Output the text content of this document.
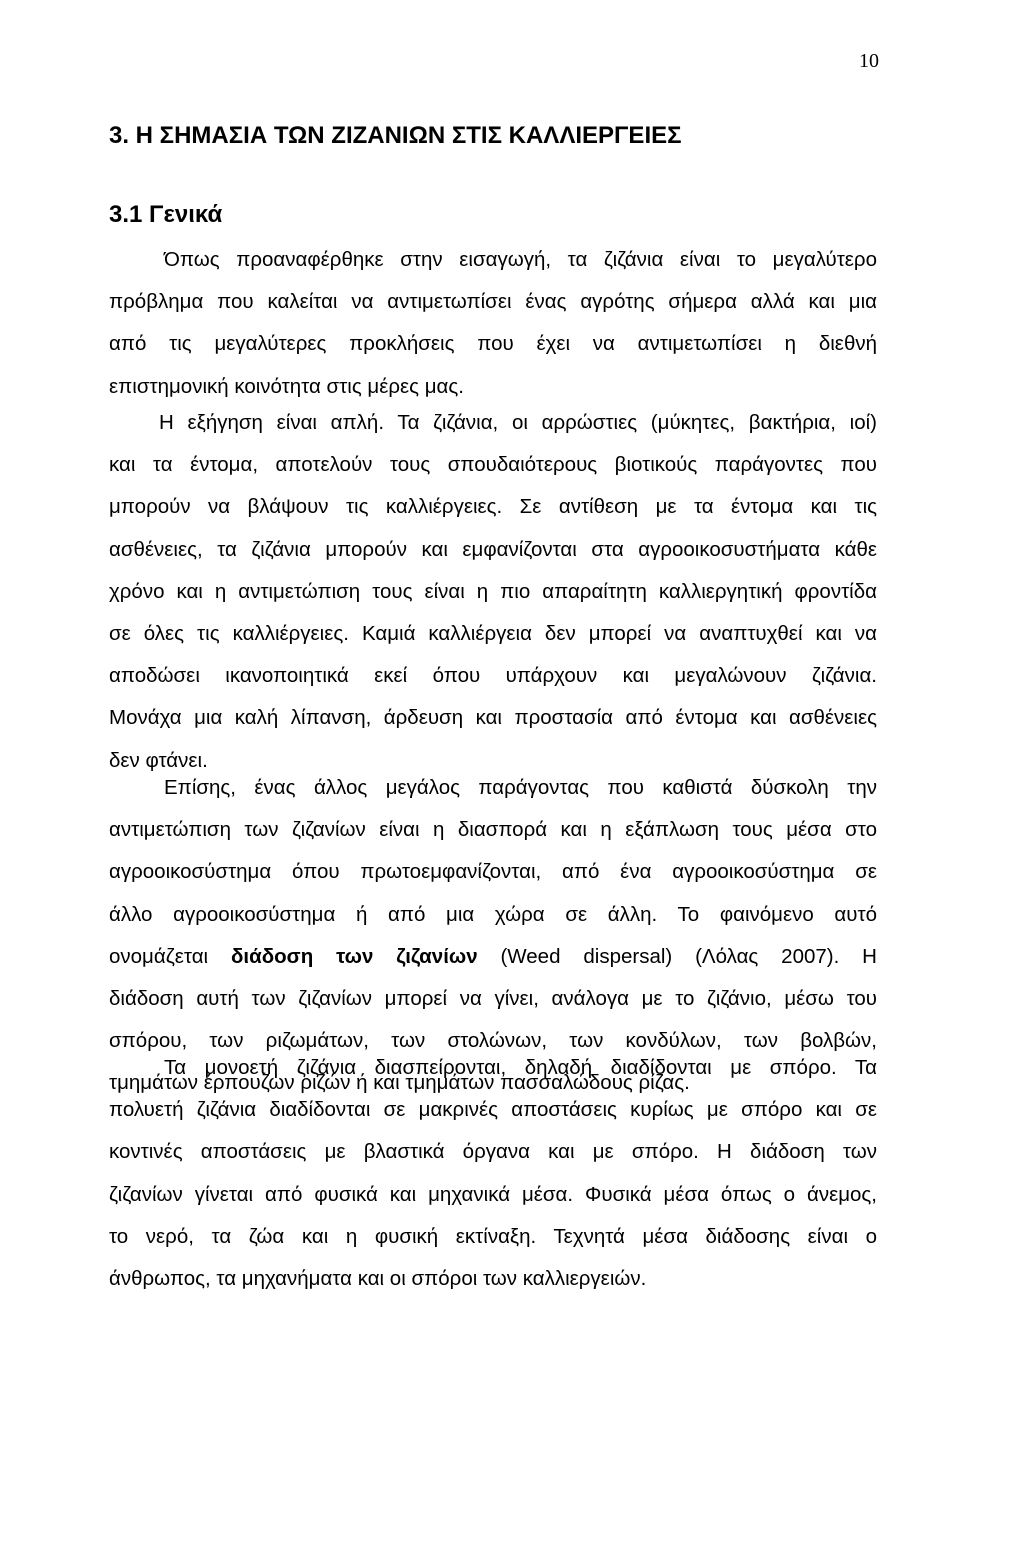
10
3. Η ΣΗΜΑΣΙΑ ΤΩΝ ΖΙΖΑΝΙΩΝ ΣΤΙΣ ΚΑΛΛΙΕΡΓΕΙΕΣ
3.1 Γενικά
Όπως προαναφέρθηκε στην εισαγωγή, τα ζιζάνια είναι το μεγαλύτερο
πρόβλημα που καλείται να αντιμετωπίσει ένας αγρότης σήμερα αλλά και μια
από τις μεγαλύτερες προκλήσεις που έχει να αντιμετωπίσει η διεθνή
επιστημονική κοινότητα στις μέρες μας.
Η εξήγηση είναι απλή. Τα ζιζάνια, οι αρρώστιες (μύκητες, βακτήρια, ιοί)
και τα έντομα, αποτελούν τους σπουδαιότερους βιοτικούς παράγοντες που
μπορούν να βλάψουν τις καλλιέργειες. Σε αντίθεση με τα έντομα και τις
ασθένειες, τα ζιζάνια μπορούν και εμφανίζονται στα αγροοικοσυστήματα κάθε
χρόνο και η αντιμετώπιση τους είναι η πιο απαραίτητη καλλιεργητική φροντίδα
σε όλες τις καλλιέργειες. Καμιά καλλιέργεια δεν μπορεί να αναπτυχθεί και να
αποδώσει ικανοποιητικά εκεί όπου υπάρχουν και μεγαλώνουν ζιζάνια.
Μονάχα μια καλή λίπανση, άρδευση και προστασία από έντομα και ασθένειες
δεν φτάνει.
Επίσης, ένας άλλος μεγάλος παράγοντας που καθιστά δύσκολη την
αντιμετώπιση των ζιζανίων είναι η διασπορά και η εξάπλωση τους μέσα στο
αγροοικοσύστημα όπου πρωτοεμφανίζονται, από ένα αγροοικοσύστημα σε
άλλο αγροοικοσύστημα ή από μια χώρα σε άλλη. Το φαινόμενο αυτό
ονομάζεται διάδοση των ζιζανίων (Weed dispersal) (Λόλας 2007). Η
διάδοση αυτή των ζιζανίων μπορεί να γίνει, ανάλογα με το ζιζάνιο, μέσω του
σπόρου, των ριζωμάτων, των στολώνων, των κονδύλων, των βολβών,
τμημάτων έρπουζων ριζών ή και τμημάτων πασσαλώδους ρίζας.
Τα μονοετή ζιζάνια διασπείρονται, δηλαδή διαδίδονται με σπόρο. Τα
πολυετή ζιζάνια διαδίδονται σε μακρινές αποστάσεις κυρίως με σπόρο και σε
κοντινές αποστάσεις με βλαστικά όργανα και με σπόρο. Η διάδοση των
ζιζανίων γίνεται από φυσικά και μηχανικά μέσα. Φυσικά μέσα όπως ο άνεμος,
το νερό, τα ζώα και η φυσική εκτίναξη. Τεχνητά μέσα διάδοσης είναι ο
άνθρωπος, τα μηχανήματα και οι σπόροι των καλλιεργειών.
